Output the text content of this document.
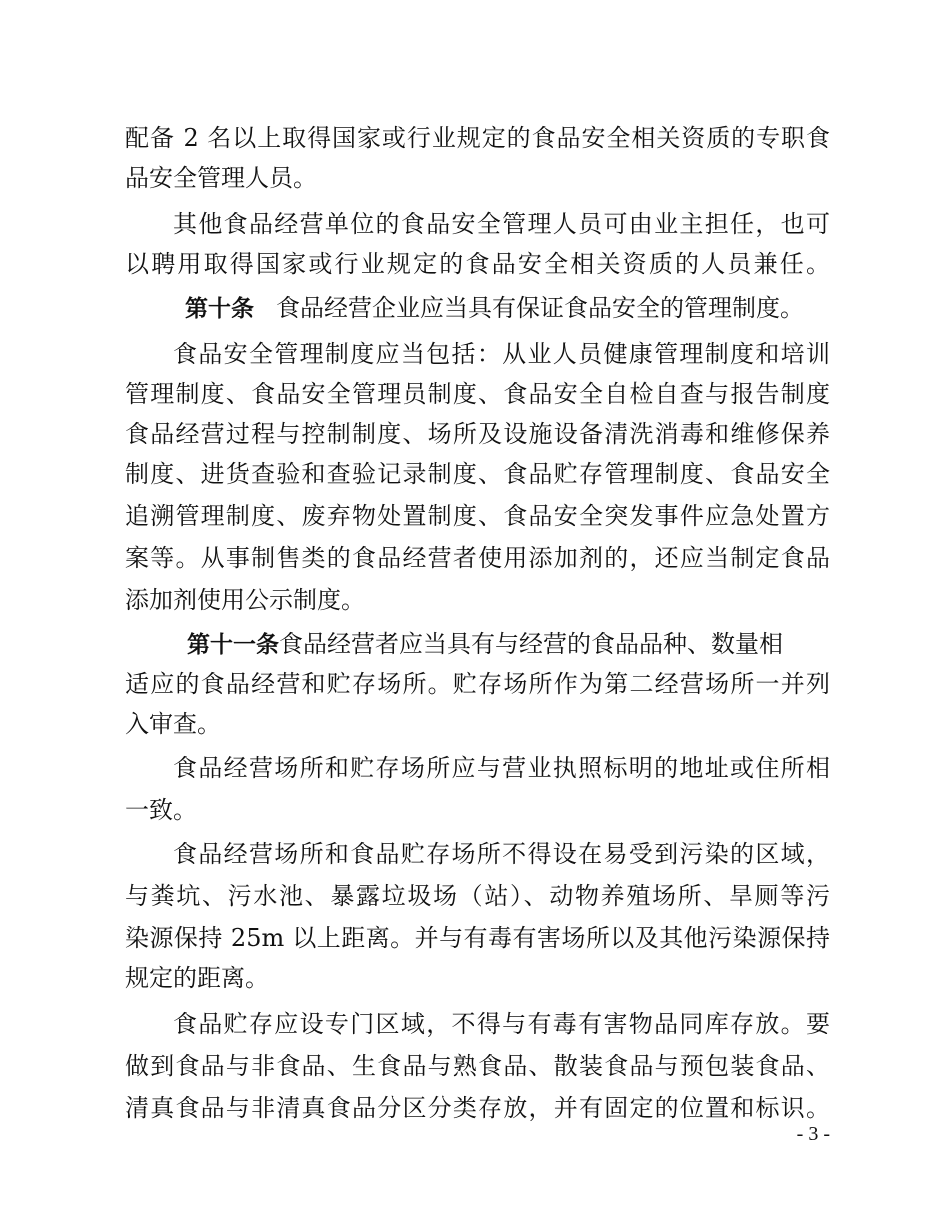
配备 2 名以上取得国家或行业规定的食品安全相关资质的专职食
品安全管理人员。
其他食品经营单位的食品安全管理人员可由业主担任，也可
以聘用取得国家或行业规定的食品安全相关资质的人员兼任。
第十条 食品经营企业应当具有保证食品安全的管理制度。
食品安全管理制度应当包括：从业人员健康管理制度和培训
管理制度、食品安全管理员制度、食品安全自检自查与报告制度
食品经营过程与控制制度、场所及设施设备清洗消毒和维修保养
制度、进货查验和查验记录制度、食品贮存管理制度、食品安全
追溯管理制度、废弃物处置制度、食品安全突发事件应急处置方
案等。从事制售类的食品经营者使用添加剂的，还应当制定食品
添加剂使用公示制度。
第十一条食品经营者应当具有与经营的食品品种、数量相
适应的食品经营和贮存场所。贮存场所作为第二经营场所一并列
入审查。
食品经营场所和贮存场所应与营业执照标明的地址或住所相
一致。
食品经营场所和食品贮存场所不得设在易受到污染的区域，
与粪坑、污水池、暴露垃圾场（站）、动物养殖场所、旱厕等污
染源保持 25m 以上距离。并与有毒有害场所以及其他污染源保持
规定的距离。
食品贮存应设专门区域，不得与有毒有害物品同库存放。要
做到食品与非食品、生食品与熟食品、散装食品与预包装食品、
清真食品与非清真食品分区分类存放，并有固定的位置和标识。
- 3 -
